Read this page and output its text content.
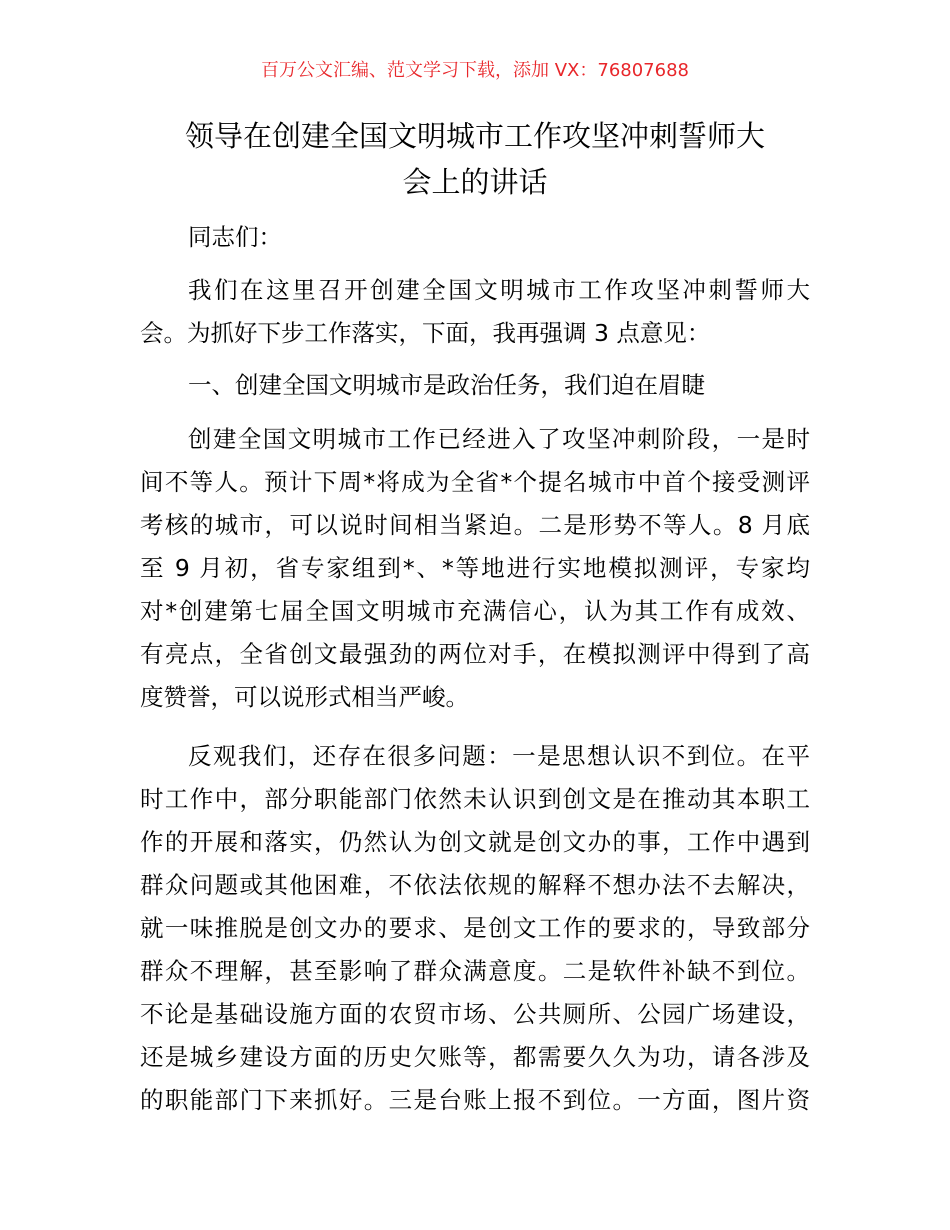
百万公文汇编、范文学习下载，添加 VX：76807688
领导在创建全国文明城市工作攻坚冲刺誓师大
会上的讲话
同志们：
我们在这里召开创建全国文明城市工作攻坚冲刺誓师大
会。为抓好下步工作落实，下面，我再强调 3 点意见：
一、创建全国文明城市是政治任务，我们迫在眉睫
创建全国文明城市工作已经进入了攻坚冲刺阶段，一是时
间不等人。预计下周*将成为全省*个提名城市中首个接受测评
考核的城市，可以说时间相当紧迫。二是形势不等人。8 月底
至 9 月初，省专家组到*、*等地进行实地模拟测评，专家均
对*创建第七届全国文明城市充满信心，认为其工作有成效、
有亮点，全省创文最强劲的两位对手，在模拟测评中得到了高
度赞誉，可以说形式相当严峻。
反观我们，还存在很多问题：一是思想认识不到位。在平
时工作中，部分职能部门依然未认识到创文是在推动其本职工
作的开展和落实，仍然认为创文就是创文办的事，工作中遇到
群众问题或其他困难，不依法依规的解释不想办法不去解决，
就一味推脱是创文办的要求、是创文工作的要求的，导致部分
群众不理解，甚至影响了群众满意度。二是软件补缺不到位。
不论是基础设施方面的农贸市场、公共厕所、公园广场建设，
还是城乡建设方面的历史欠账等，都需要久久为功，请各涉及
的职能部门下来抓好。三是台账上报不到位。一方面，图片资
